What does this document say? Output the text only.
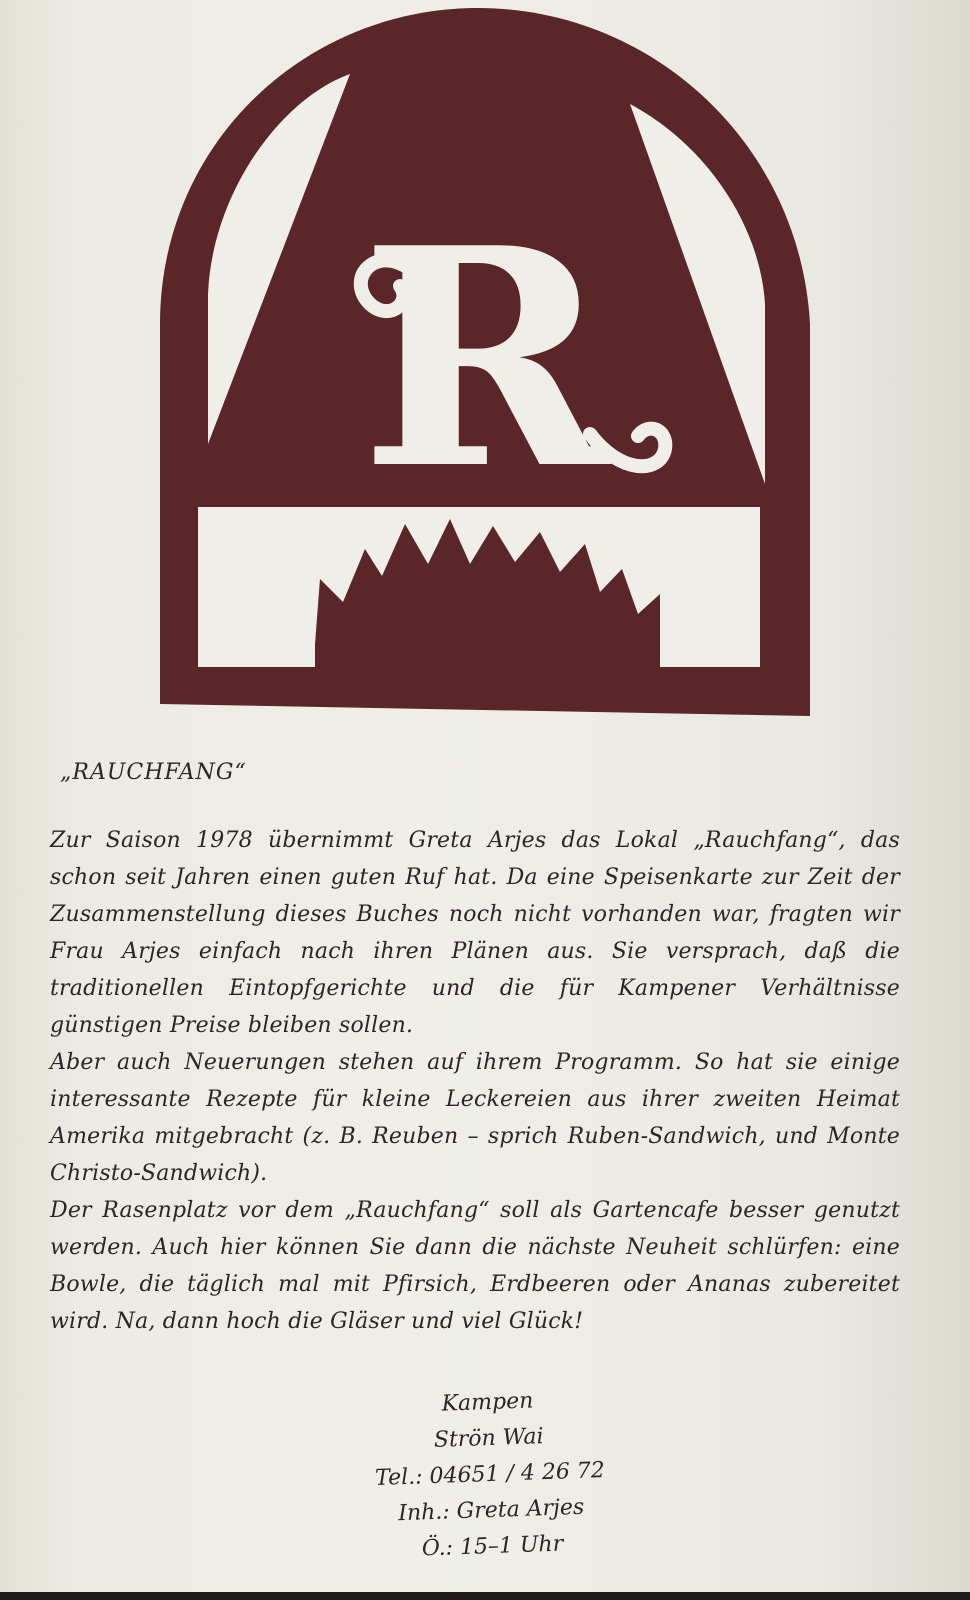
R
„RAUCHFANG“

Zur Saison 1978 übernimmt Greta Arjes das Lokal „Rauchfang“, das schon seit Jahren einen guten Ruf hat. Da eine Speisenkarte zur Zeit der Zusammenstellung dieses Buches noch nicht vorhanden war, fragten wir Frau Arjes einfach nach ihren Plänen aus. Sie versprach, daß die traditionellen Eintopfgerichte und die für Kampener Verhältnisse günstigen Preise bleiben sollen.

Aber auch Neuerungen stehen auf ihrem Programm. So hat sie einige interessante Rezepte für kleine Leckereien aus ihrer zweiten Heimat Amerika mitgebracht (z. B. Reuben – sprich Ruben-Sandwich, und Monte Christo-Sandwich).

Der Rasenplatz vor dem „Rauchfang“ soll als Gartencafe besser genutzt werden. Auch hier können Sie dann die nächste Neuheit schlürfen: eine Bowle, die täglich mal mit Pfirsich, Erdbeeren oder Ananas zubereitet wird. Na, dann hoch die Gläser und viel Glück!

Kampen
Strön Wai
Tel.: 04651 / 4 26 72
Inh.: Greta Arjes
Ö.: 15–1 Uhr
